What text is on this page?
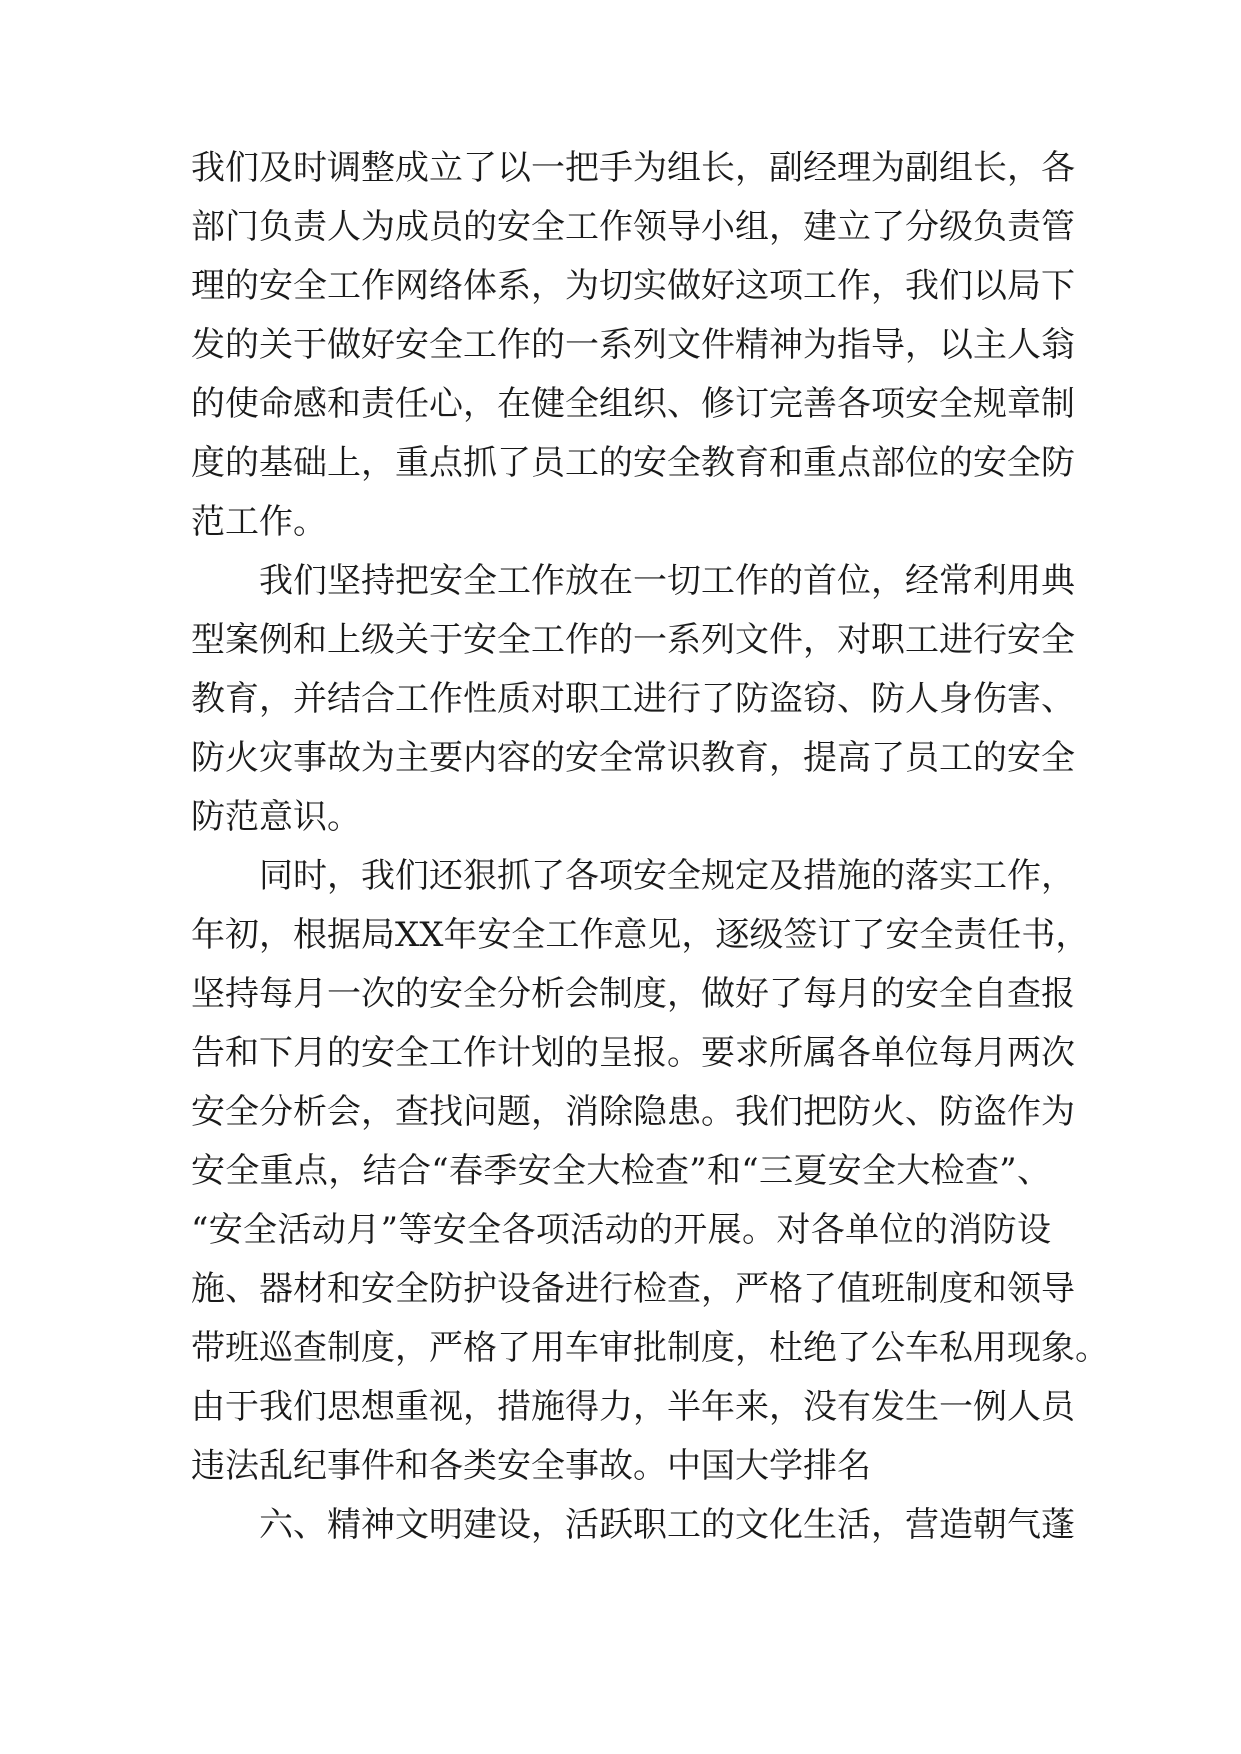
我们及时调整成立了以一把手为组长，副经理为副组长，各
部门负责人为成员的安全工作领导小组，建立了分级负责管
理的安全工作网络体系，为切实做好这项工作，我们以局下
发的关于做好安全工作的一系列文件精神为指导，以主人翁
的使命感和责任心，在健全组织、修订完善各项安全规章制
度的基础上，重点抓了员工的安全教育和重点部位的安全防
范工作。
我们坚持把安全工作放在一切工作的首位，经常利用典
型案例和上级关于安全工作的一系列文件，对职工进行安全
教育，并结合工作性质对职工进行了防盗窃、防人身伤害、
防火灾事故为主要内容的安全常识教育，提高了员工的安全
防范意识。
同时，我们还狠抓了各项安全规定及措施的落实工作，
年初，根据局XX年安全工作意见，逐级签订了安全责任书，
坚持每月一次的安全分析会制度，做好了每月的安全自查报
告和下月的安全工作计划的呈报。要求所属各单位每月两次
安全分析会，查找问题，消除隐患。我们把防火、防盗作为
安全重点，结合“春季安全大检查”和“三夏安全大检查”、
“安全活动月”等安全各项活动的开展。对各单位的消防设
施、器材和安全防护设备进行检查，严格了值班制度和领导
带班巡查制度，严格了用车审批制度，杜绝了公车私用现象。
由于我们思想重视，措施得力，半年来，没有发生一例人员
违法乱纪事件和各类安全事故。中国大学排名
六、精神文明建设，活跃职工的文化生活，营造朝气蓬
